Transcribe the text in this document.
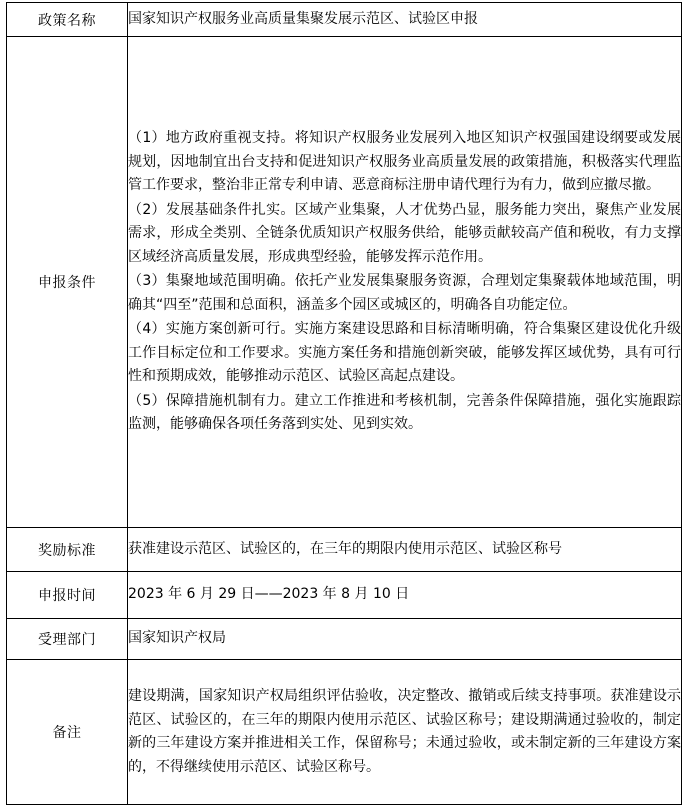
政策名称	国家知识产权服务业高质量集聚发展示范区、试验区申报
申报条件	（1）地方政府重视支持。将知识产权服务业发展列入地区知识产权强国建设纲要或发展规划，因地制宜出台支持和促进知识产权服务业高质量发展的政策措施，积极落实代理监管工作要求，整治非正常专利申请、恶意商标注册申请代理行为有力，做到应撤尽撤。

（2）发展基础条件扎实。区域产业集聚，人才优势凸显，服务能力突出，聚焦产业发展需求，形成全类别、全链条优质知识产权服务供给，能够贡献较高产值和税收，有力支撑区域经济高质量发展，形成典型经验，能够发挥示范作用。

（3）集聚地域范围明确。依托产业发展集聚服务资源，合理划定集聚载体地域范围，明确其“四至”范围和总面积，涵盖多个园区或城区的，明确各自功能定位。

（4）实施方案创新可行。实施方案建设思路和目标清晰明确，符合集聚区建设优化升级工作目标定位和工作要求。实施方案任务和措施创新突破，能够发挥区域优势，具有可行性和预期成效，能够推动示范区、试验区高起点建设。

（5）保障措施机制有力。建立工作推进和考核机制，完善条件保障措施，强化实施跟踪监测，能够确保各项任务落到实处、见到实效。

奖励标准	获准建设示范区、试验区的，在三年的期限内使用示范区、试验区称号
申报时间	2023 年 6 月 29 日——2023 年 8 月 10 日
受理部门	国家知识产权局
备注	建设期满，国家知识产权局组织评估验收，决定整改、撤销或后续支持事项。获准建设示范区、试验区的，在三年的期限内使用示范区、试验区称号；建设期满通过验收的，制定新的三年建设方案并推进相关工作，保留称号；未通过验收，或未制定新的三年建设方案的，不得继续使用示范区、试验区称号。
